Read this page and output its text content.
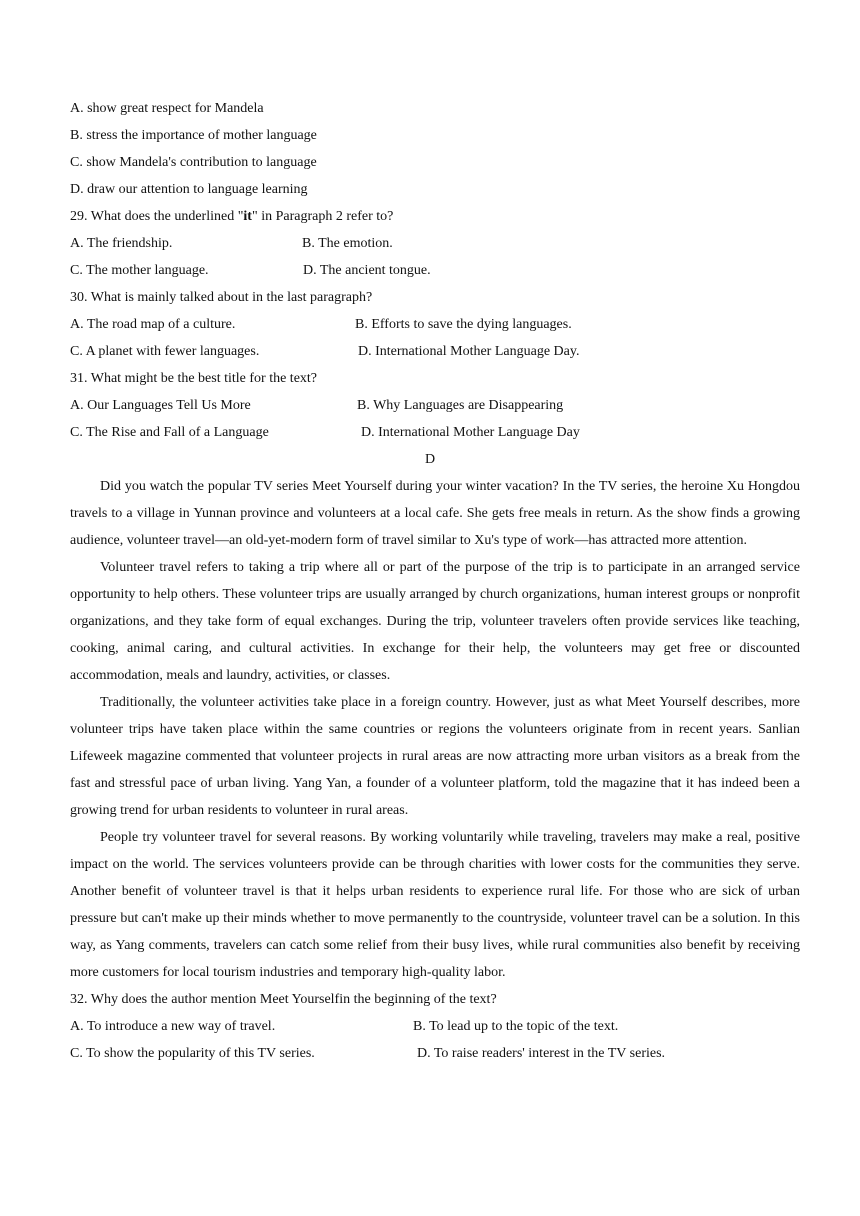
A. show great respect for Mandela
B. stress the importance of mother language
C. show Mandela's contribution to language
D. draw our attention to language learning
29. What does the underlined "it" in Paragraph 2 refer to?
A. The friendship.	B. The emotion.
C. The mother language.	D. The ancient tongue.
30. What is mainly talked about in the last paragraph?
A. The road map of a culture.	B. Efforts to save the dying languages.
C. A planet with fewer languages.	D. International Mother Language Day.
31. What might be the best title for the text?
A. Our Languages Tell Us More	B. Why Languages are Disappearing
C. The Rise and Fall of a Language	D. International Mother Language Day
D

Did you watch the popular TV series Meet Yourself during your winter vacation? In the TV series, the heroine Xu Hongdou travels to a village in Yunnan province and volunteers at a local cafe. She gets free meals in return. As the show finds a growing audience, volunteer travel—an old-yet-modern form of travel similar to Xu's type of work—has attracted more attention.

Volunteer travel refers to taking a trip where all or part of the purpose of the trip is to participate in an arranged service opportunity to help others. These volunteer trips are usually arranged by church organizations, human interest groups or nonprofit organizations, and they take form of equal exchanges. During the trip, volunteer travelers often provide services like teaching, cooking, animal caring, and cultural activities. In exchange for their help, the volunteers may get free or discounted accommodation, meals and laundry, activities, or classes.

Traditionally, the volunteer activities take place in a foreign country. However, just as what Meet Yourself describes, more volunteer trips have taken place within the same countries or regions the volunteers originate from in recent years. Sanlian Lifeweek magazine commented that volunteer projects in rural areas are now attracting more urban visitors as a break from the fast and stressful pace of urban living. Yang Yan, a founder of a volunteer platform, told the magazine that it has indeed been a growing trend for urban residents to volunteer in rural areas.

People try volunteer travel for several reasons. By working voluntarily while traveling, travelers may make a real, positive impact on the world. The services volunteers provide can be through charities with lower costs for the communities they serve. Another benefit of volunteer travel is that it helps urban residents to experience rural life. For those who are sick of urban pressure but can't make up their minds whether to move permanently to the countryside, volunteer travel can be a solution. In this way, as Yang comments, travelers can catch some relief from their busy lives, while rural communities also benefit by receiving more customers for local tourism industries and temporary high-quality labor.

32. Why does the author mention Meet Yourselfin the beginning of the text?
A. To introduce a new way of travel.	B. To lead up to the topic of the text.
C. To show the popularity of this TV series.	D. To raise readers' interest in the TV series.
